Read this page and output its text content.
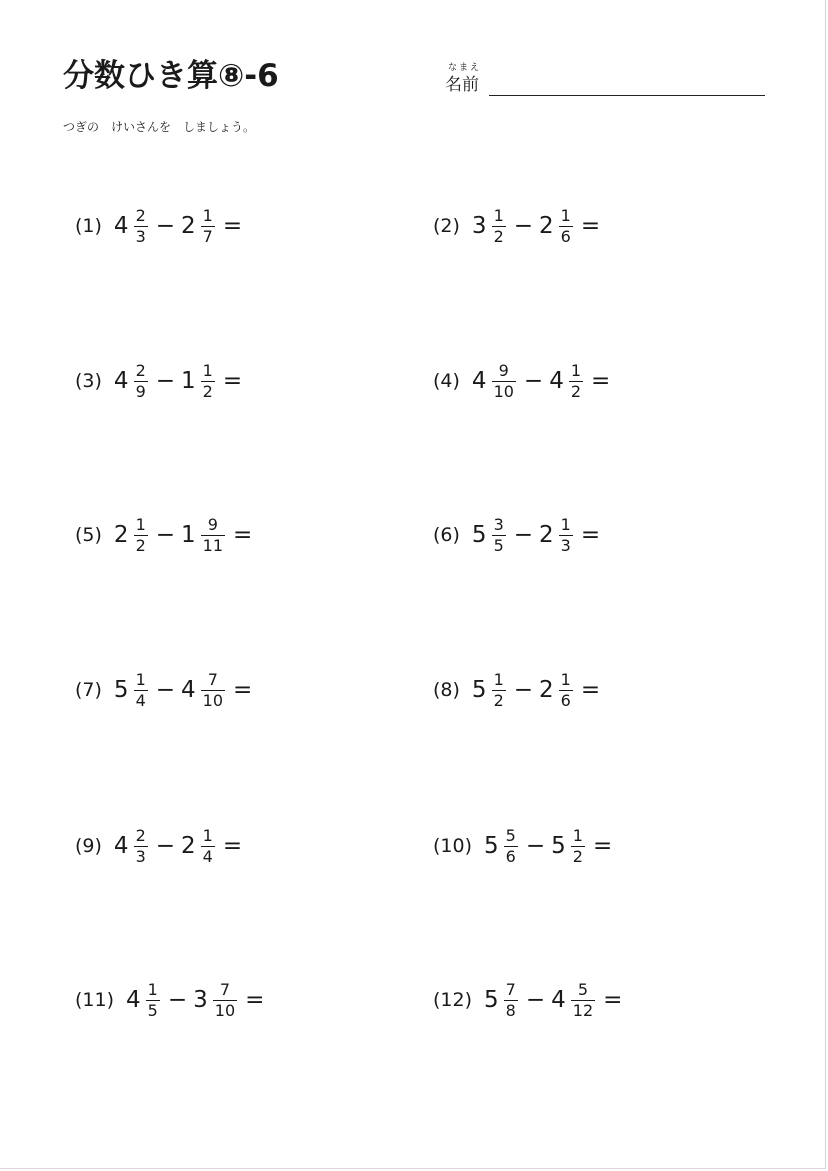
分数ひき算⑧-6	なまえ
名前
つぎの　けいさんを　しましょう。
(1) $4 \frac{2}{3} - 2 \frac{1}{7}$ =	(2) $3 \frac{1}{2} - 2 \frac{1}{6}$ =
(3) $4 \frac{2}{9} - 1 \frac{1}{2}$ =	(4) $4 \frac{9}{10} - 4 \frac{1}{2}$ =
(5) $2 \frac{1}{2} - 1 \frac{9}{11}$ =	(6) $5 \frac{3}{5} - 2 \frac{1}{3}$ =
(7) $5 \frac{1}{4} - 4 \frac{7}{10}$ =	(8) $5 \frac{1}{2} - 2 \frac{1}{6}$ =
(9) $4 \frac{2}{3} - 2 \frac{1}{4}$ =	(10) $5 \frac{5}{6} - 5 \frac{1}{2}$ =
(11) $4 \frac{1}{5} - 3 \frac{7}{10}$ =	(12) $5 \frac{7}{8} - 4 \frac{5}{12}$ =
